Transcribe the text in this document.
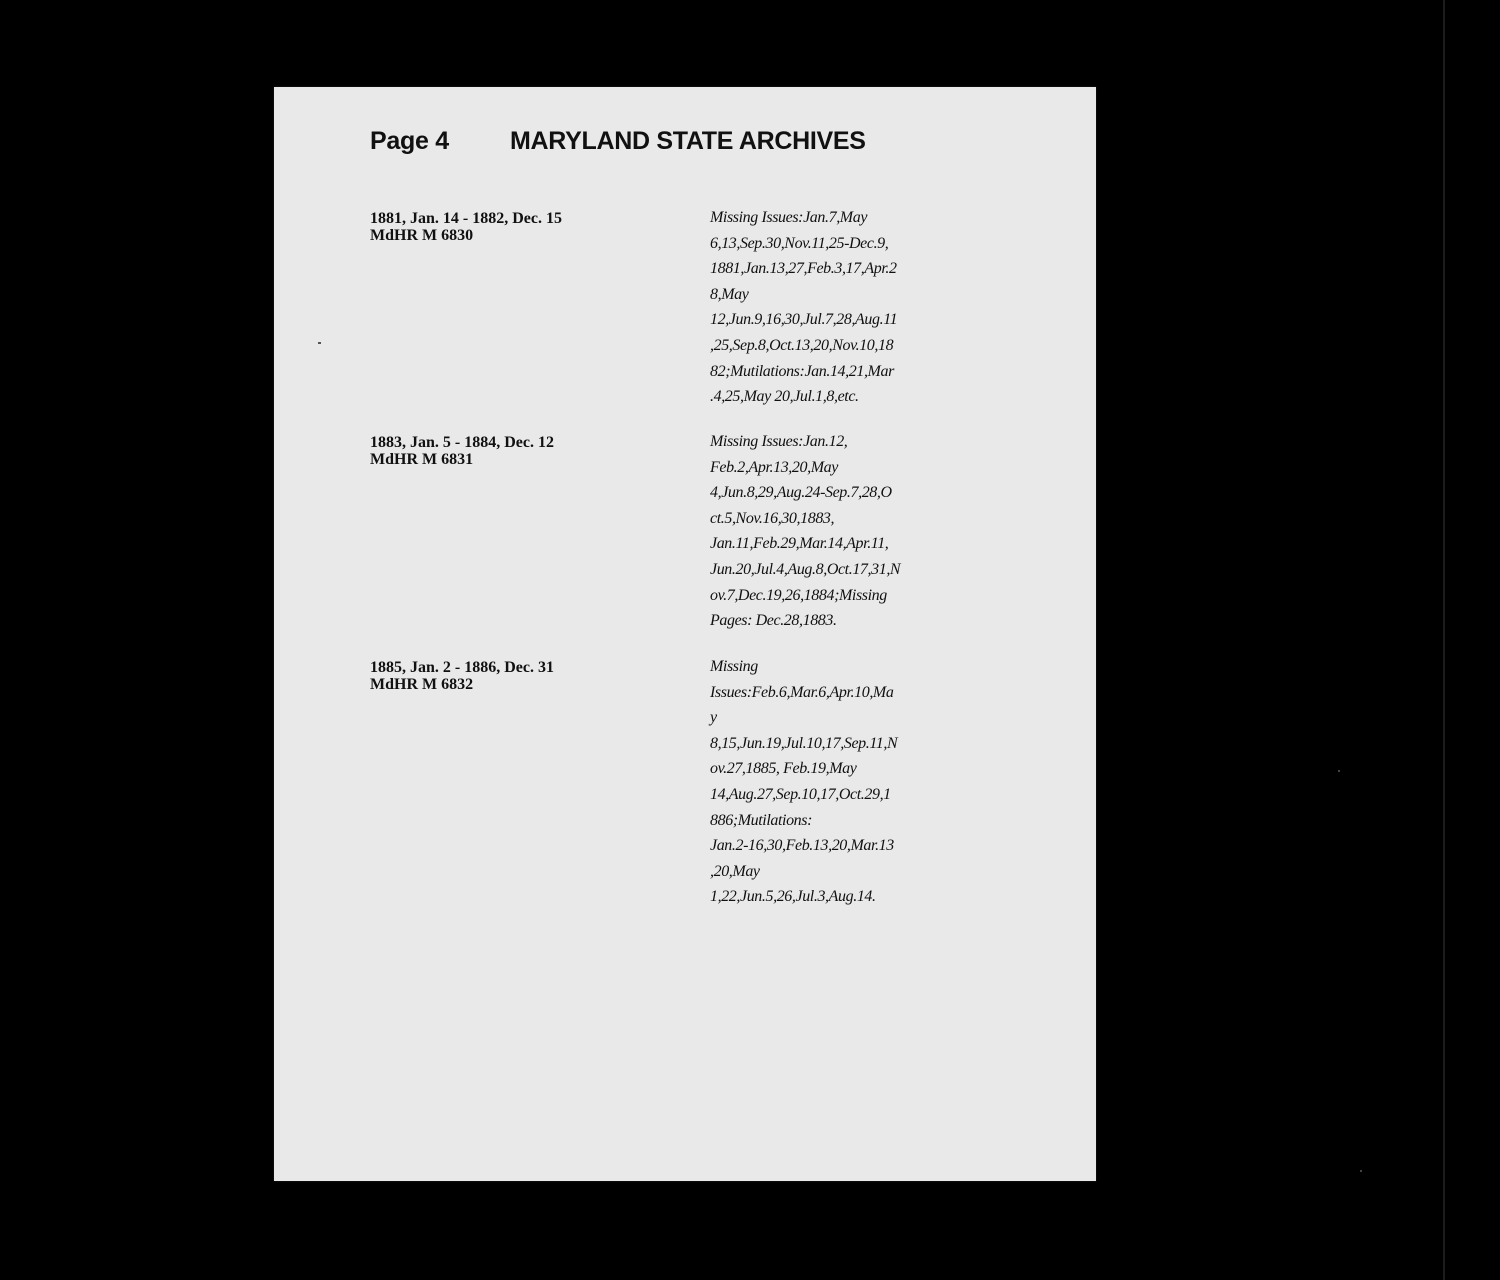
Page 4 MARYLAND STATE ARCHIVES
1881, Jan. 14 - 1882, Dec. 15
MdHR M 6830
Missing Issues:Jan.7,May
6,13,Sep.30,Nov.11,25-Dec.9,
1881,Jan.13,27,Feb.3,17,Apr.2
8,May
12,Jun.9,16,30,Jul.7,28,Aug.11
,25,Sep.8,Oct.13,20,Nov.10,18
82;Mutilations:Jan.14,21,Mar
.4,25,May 20,Jul.1,8,etc.
1883, Jan. 5 - 1884, Dec. 12
MdHR M 6831
Missing Issues:Jan.12,
Feb.2,Apr.13,20,May
4,Jun.8,29,Aug.24-Sep.7,28,O
ct.5,Nov.16,30,1883,
Jan.11,Feb.29,Mar.14,Apr.11,
Jun.20,Jul.4,Aug.8,Oct.17,31,N
ov.7,Dec.19,26,1884;Missing
Pages: Dec.28,1883.
1885, Jan. 2 - 1886, Dec. 31
MdHR M 6832
Missing
Issues:Feb.6,Mar.6,Apr.10,Ma
y
8,15,Jun.19,Jul.10,17,Sep.11,N
ov.27,1885, Feb.19,May
14,Aug.27,Sep.10,17,Oct.29,1
886;Mutilations:
Jan.2-16,30,Feb.13,20,Mar.13
,20,May
1,22,Jun.5,26,Jul.3,Aug.14.
